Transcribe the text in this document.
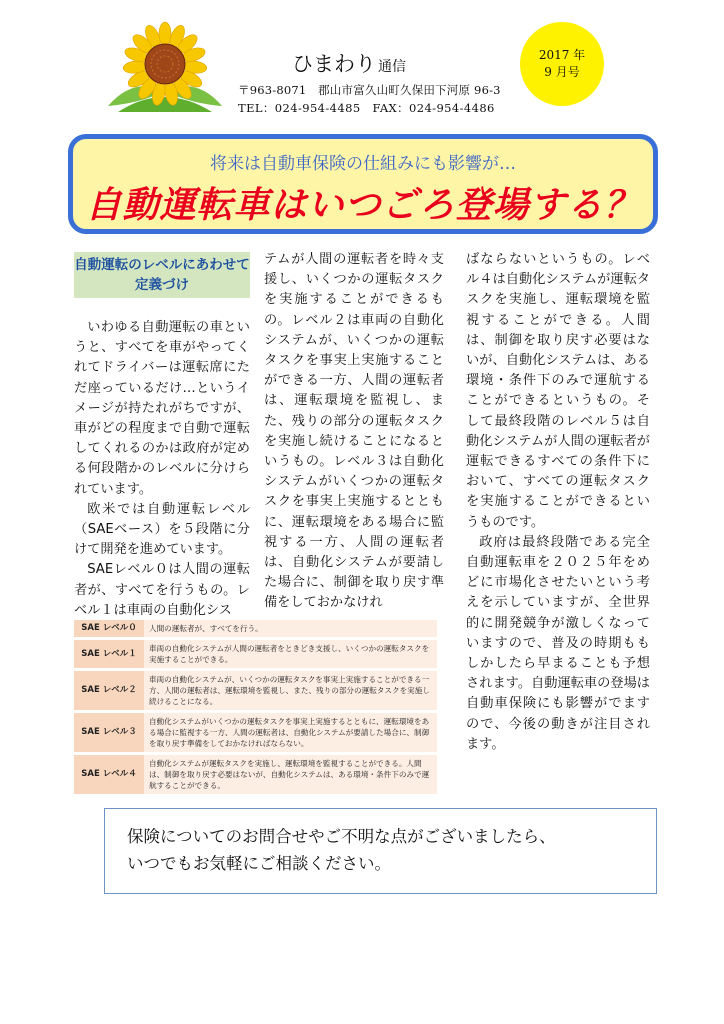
ひまわり 通信
〒963-8071　郡山市富久山町久保田下河原 96-3
TEL：024-954-4485　FAX：024-954-4486
2017 年
9 月号
将来は自動車保険の仕組みにも影響が…
自動運転車はいつごろ登場する？
自動運転のレベルにあわせて定義づけ

いわゆる自動運転の車というと、すべてを車がやってくれてドライバーは運転席にただ座っているだけ…というイメージが持たれがちですが、車がどの程度まで自動で運転してくれるのかは政府が定める何段階かのレベルに分けられています。

欧米では自動運転レベル（SAEベース）を５段階に分けて開発を進めています。

SAEレベル０は人間の運転者が、すべてを行うもの。レベル１は車両の自動化シス

テムが人間の運転者を時々支援し、いくつかの運転タスクを実施することができるもの。レベル２は車両の自動化システムが、いくつかの運転タスクを事実上実施することができる一方、人間の運転者は、運転環境を監視し、また、残りの部分の運転タスクを実施し続けることになるというもの。レベル３は自動化システムがいくつかの運転タスクを事実上実施するとともに、運転環境をある場合に監視する一方、人間の運転者は、自動化システムが要請した場合に、制御を取り戻す準備をしておかなけれ

ばならないというもの。レベル４は自動化システムが運転タスクを実施し、運転環境を監視することができる。人間は、制御を取り戻す必要はないが、自動化システムは、ある環境・条件下のみで運航することができるというもの。そして最終段階のレベル５は自動化システムが人間の運転者が運転できるすべての条件下において、すべての運転タスクを実施することができるというものです。

政府は最終段階である完全自動運転車を２０２５年をめどに市場化させたいという考えを示していますが、全世界的に開発競争が激しくなっていますので、普及の時期ももしかしたら早まることも予想されます。自動運転車の登場は自動車保険にも影響がでますので、今後の動きが注目されます。

SAE レベル０	人間の運転者が、すべてを行う。
SAE レベル１	車両の自動化システムが人間の運転者をときどき支援し、いくつかの運転タスクを実施することができる。
SAE レベル２	車両の自動化システムが、いくつかの運転タスクを事実上実施することができる一方、人間の運転者は、運転環境を監視し、また、残りの部分の運転タスクを実施し続けることになる。
SAE レベル３	自動化システムがいくつかの運転タスクを事実上実施するとともに、運転環境をある場合に監視する一方、人間の運転者は、自動化システムが要請した場合に、制御を取り戻す準備をしておかなければならない。
SAE レベル４	自動化システムが運転タスクを実施し、運転環境を監視することができる。人間は、制御を取り戻す必要はないが、自動化システムは、ある環境・条件下のみで運航することができる。
保険についてのお問合せやご不明な点がございましたら、
いつでもお気軽にご相談ください。
